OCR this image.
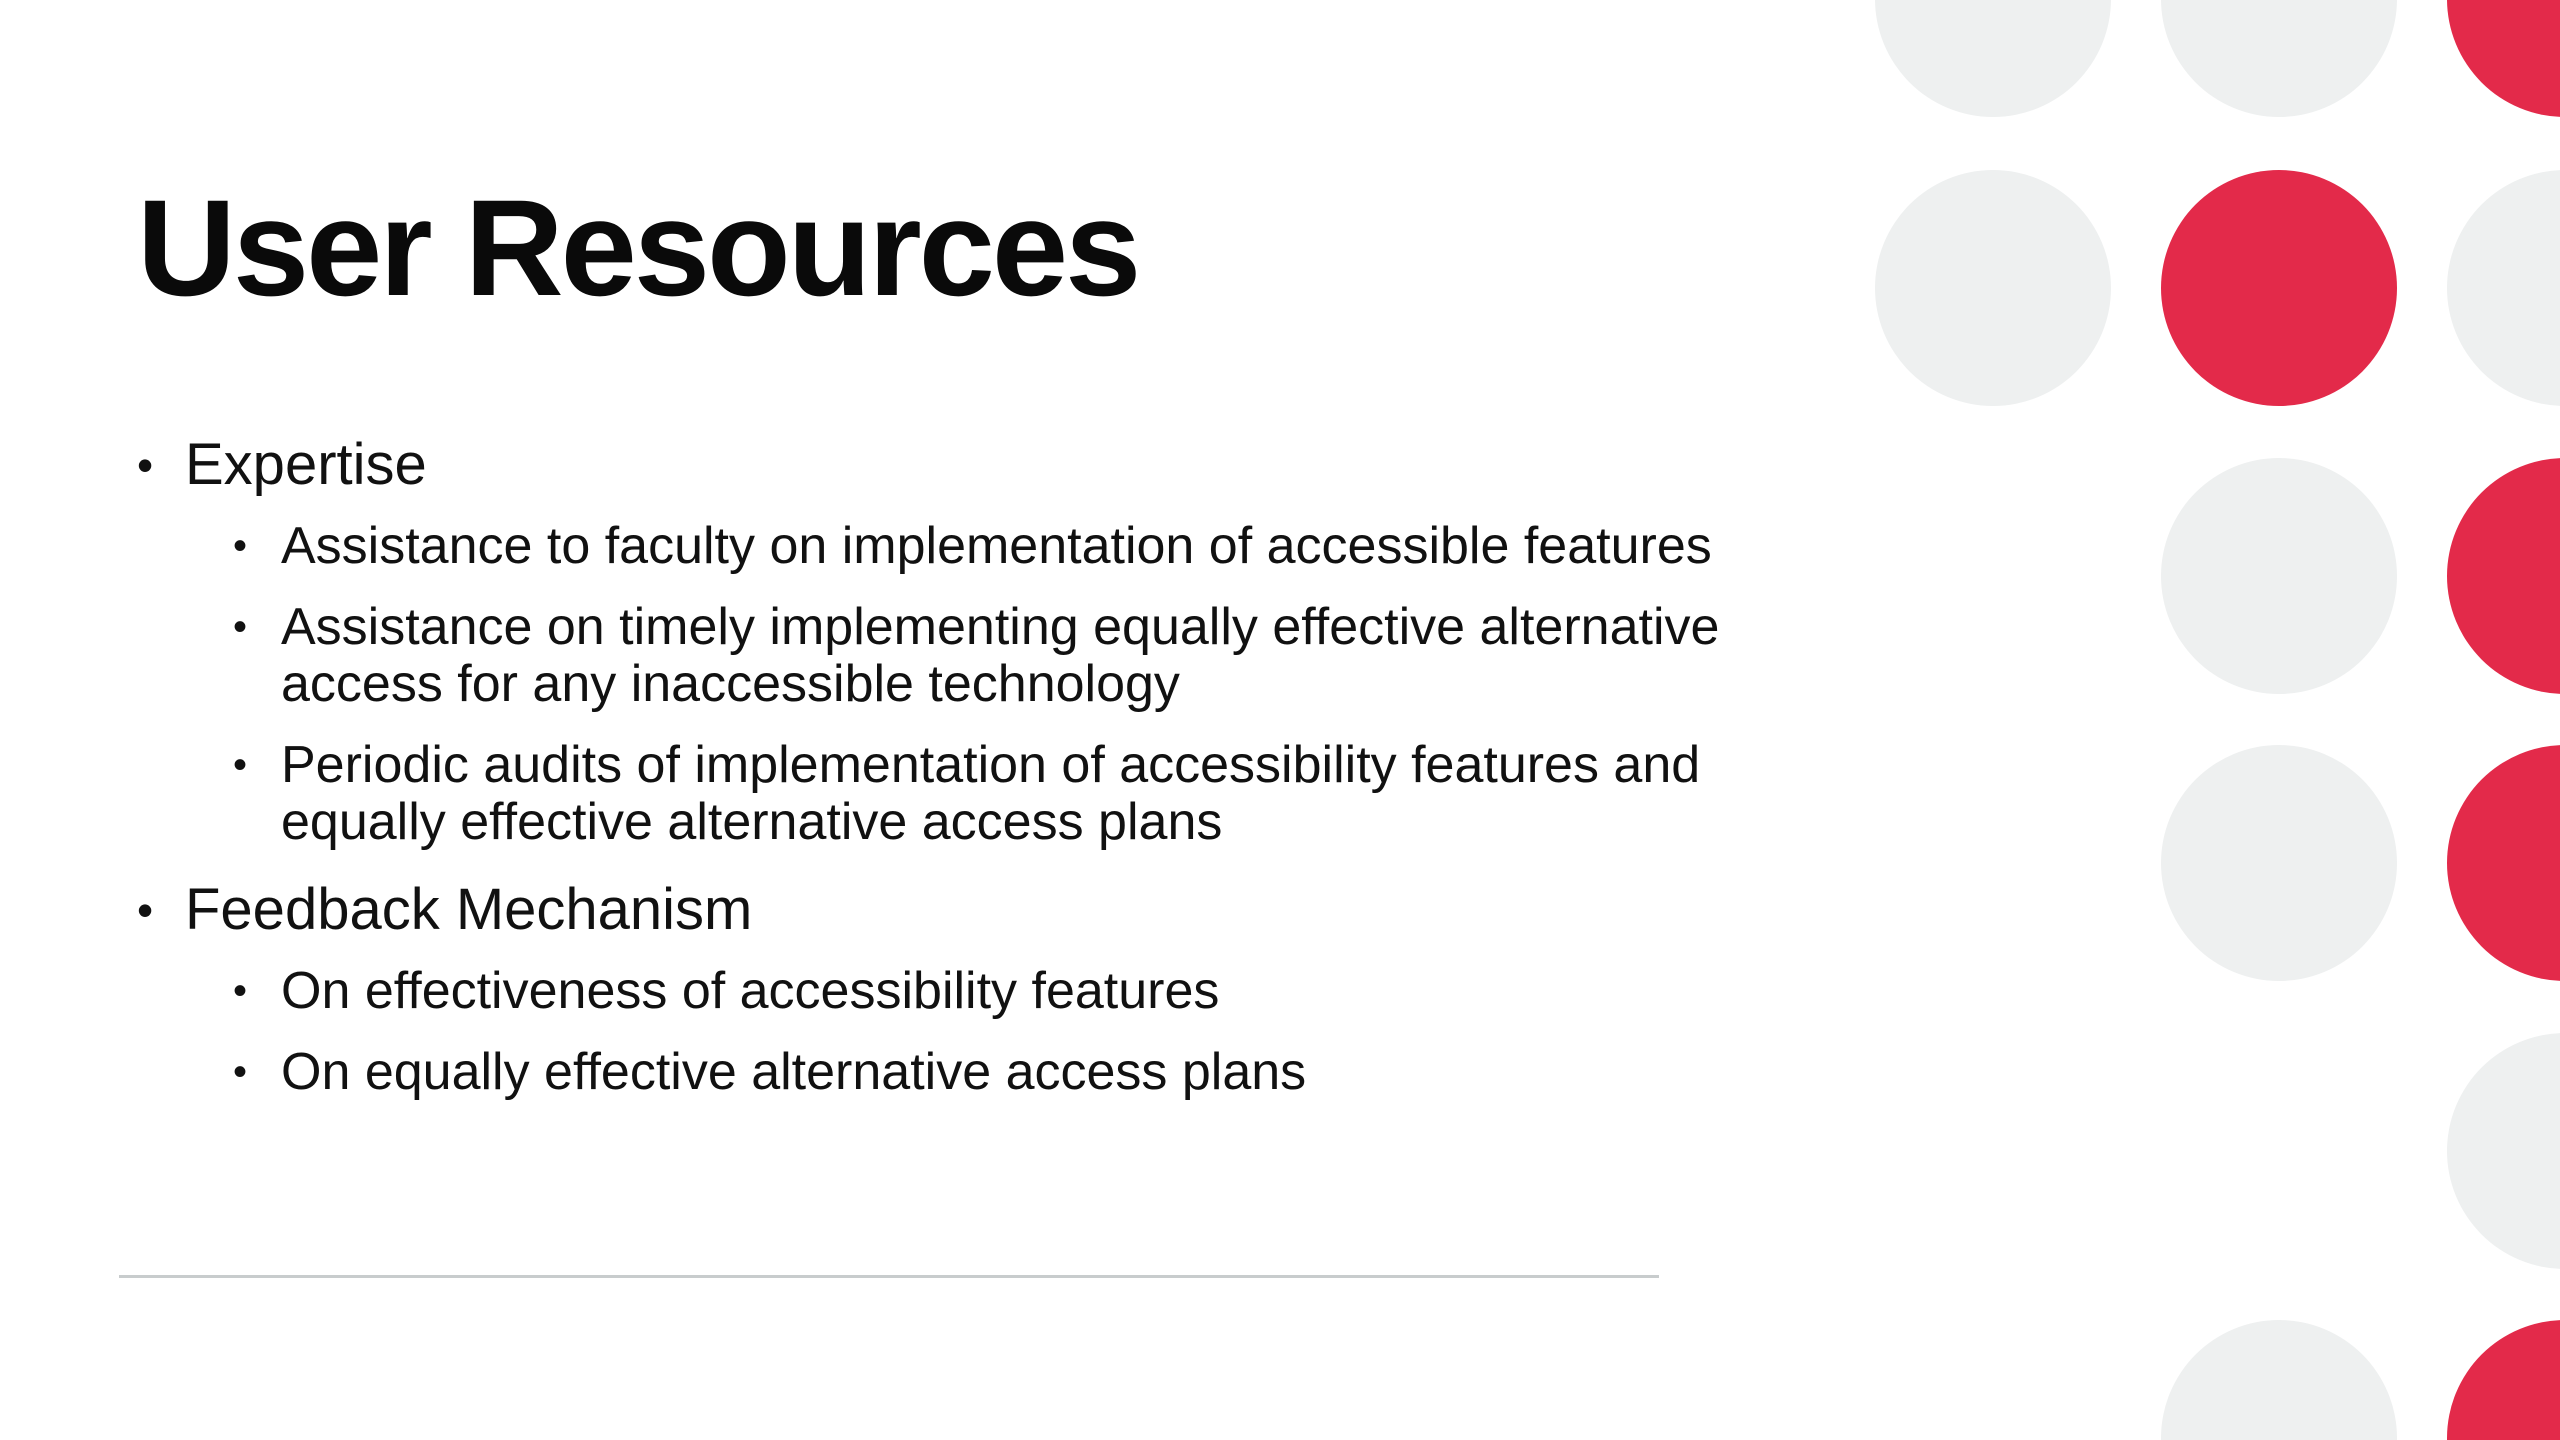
User Resources
• Expertise
• Assistance to faculty on implementation of accessible features
• Assistance on timely implementing equally effective alternative access for any inaccessible technology
• Periodic audits of implementation of accessibility features and equally effective alternative access plans
• Feedback Mechanism
• On effectiveness of accessibility features
• On equally effective alternative access plans
